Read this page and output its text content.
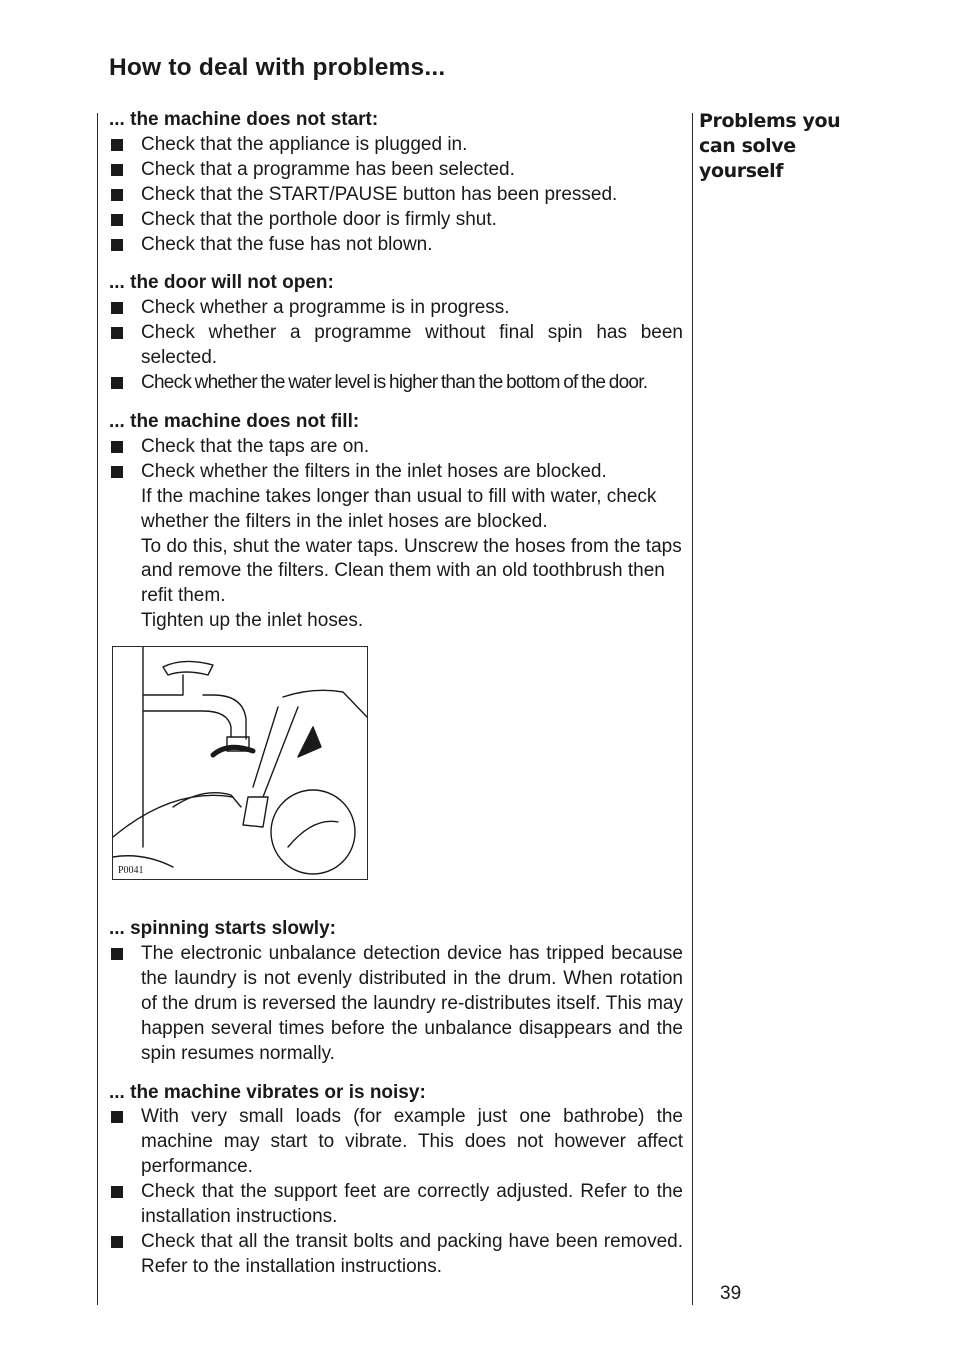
How to deal with problems...
... the machine does not start:
Check that the appliance is plugged in.
Check that a programme has been selected.
Check that the START/PAUSE button has been pressed.
Check that the porthole door is firmly shut.
Check that the fuse has not blown.
... the door will not open:
Check whether a programme is in progress.
Check whether a programme without final spin has been selected.
Check whether the water level is higher than the bottom of the door.
... the machine does not fill:
Check that the taps are on.
Check whether the filters in the inlet hoses are blocked.
If the machine takes longer than usual to fill with water, check whether the filters in the inlet hoses are blocked.
To do this, shut the water taps. Unscrew the hoses from the taps and remove the filters. Clean them with an old toothbrush then refit them.
Tighten up the inlet hoses.
P0041
... spinning starts slowly:
The electronic unbalance detection device has tripped because the laundry is not evenly distributed in the drum. When rotation of the drum is reversed the laundry re-distributes itself. This may happen several times before the unbalance disappears and the spin resumes normally.
... the machine vibrates or is noisy:
With very small loads (for example just one bathrobe) the machine may start to vibrate. This does not however affect performance.
Check that the support feet are correctly adjusted. Refer to the installation instructions.
Check that all the transit bolts and packing have been removed. Refer to the installation instructions.
Problems you can solve yourself
39
